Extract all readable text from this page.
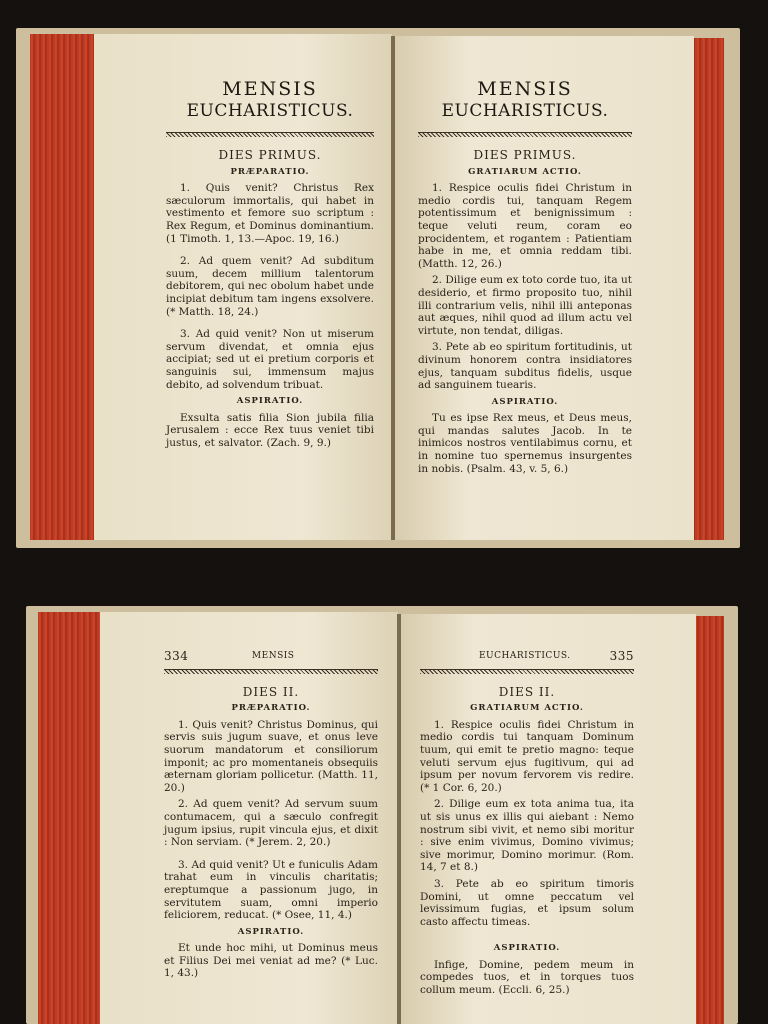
MENSIS
EUCHARISTICUS.
DIES PRIMUS.
PRÆPARATIO.

1. Quis venit? Christus Rex sæculorum immortalis, qui habet in vestimento et femore suo scriptum : Rex Regum, et Dominus dominantium. (1 Timoth. 1, 13.—Apoc. 19, 16.)

2. Ad quem venit? Ad subditum suum, decem millium talentorum debitorem, qui nec obolum habet unde incipiat debitum tam ingens exsolvere. (* Matth. 18, 24.)

3. Ad quid venit? Non ut miserum servum divendat, et omnia ejus accipiat; sed ut ei pretium corporis et sanguinis sui, immensum majus debito, ad solvendum tribuat.

ASPIRATIO.

Exsulta satis filia Sion jubila filia Jerusalem : ecce Rex tuus veniet tibi justus, et salvator. (Zach. 9, 9.)

MENSIS
EUCHARISTICUS.
DIES PRIMUS.
GRATIARUM ACTIO.

1. Respice oculis fidei Christum in medio cordis tui, tanquam Regem potentissimum et benignissimum : teque veluti reum, coram eo procidentem, et rogantem : Patientiam habe in me, et omnia reddam tibi. (Matth. 12, 26.)

2. Dilige eum ex toto corde tuo, ita ut desiderio, et firmo proposito tuo, nihil illi contrarium velis, nihil illi anteponas aut æques, nihil quod ad illum actu vel virtute, non tendat, diligas.

3. Pete ab eo spiritum fortitudinis, ut divinum honorem contra insidiatores ejus, tanquam subditus fidelis, usque ad sanguinem tuearis.

ASPIRATIO.

Tu es ipse Rex meus, et Deus meus, qui mandas salutes Jacob. In te inimicos nostros ventilabimus cornu, et in nomine tuo spernemus insurgentes in nobis. (Psalm. 43, v. 5, 6.)

334	MENSIS
DIES II.
PRÆPARATIO.

1. Quis venit? Christus Dominus, qui servis suis jugum suave, et onus leve suorum mandatorum et consiliorum imponit; ac pro momentaneis obsequiis æternam gloriam pollicetur. (Matth. 11, 20.)

2. Ad quem venit? Ad servum suum contumacem, qui a sæculo confregit jugum ipsius, rupit vincula ejus, et dixit : Non serviam. (* Jerem. 2, 20.)

3. Ad quid venit? Ut e funiculis Adam trahat eum in vinculis charitatis; ereptumque a passionum jugo, in servitutem suam, omni imperio feliciorem, reducat. (* Osee, 11, 4.)

ASPIRATIO.

Et unde hoc mihi, ut Dominus meus et Filius Dei mei veniat ad me? (* Luc. 1, 43.)

EUCHARISTICUS.	335
DIES II.
GRATIARUM ACTIO.

1. Respice oculis fidei Christum in medio cordis tui tanquam Dominum tuum, qui emit te pretio magno: teque veluti servum ejus fugitivum, qui ad ipsum per novum fervorem vis redire. (* 1 Cor. 6, 20.)

2. Dilige eum ex tota anima tua, ita ut sis unus ex illis qui aiebant : Nemo nostrum sibi vivit, et nemo sibi moritur : sive enim vivimus, Domino vivimus; sive morimur, Domino morimur. (Rom. 14, 7 et 8.)

3. Pete ab eo spiritum timoris Domini, ut omne peccatum vel levissimum fugias, et ipsum solum casto affectu timeas.

ASPIRATIO.

Infige, Domine, pedem meum in compedes tuos, et in torques tuos collum meum. (Eccli. 6, 25.)
